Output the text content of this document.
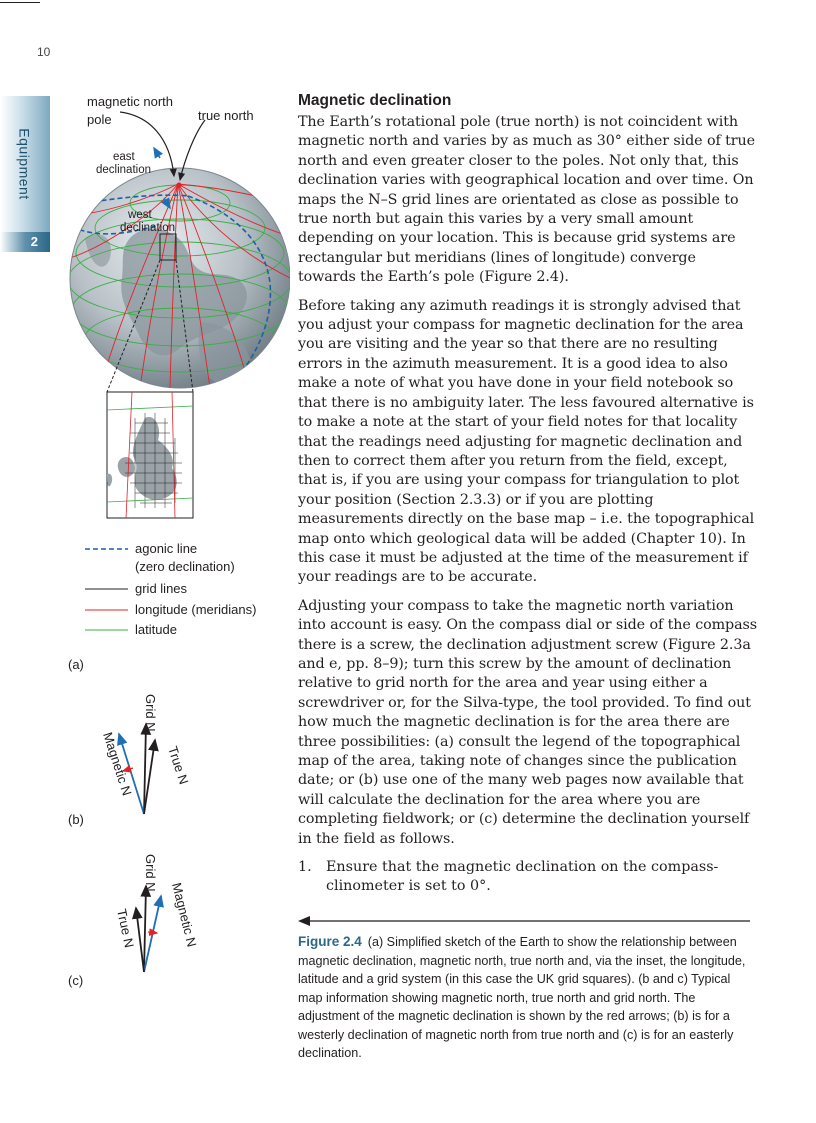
10
Equipment
2
magnetic north
pole	true north
east
declination
west
declination
agonic line
(zero declination)
grid lines
longitude (meridians)
latitude
(a)
Grid N
Magnetic N True N
(b)
Grid N
Magnetic N
True N
(c)
Magnetic declination

The Earth’s rotational pole (true north) is not coincident with magnetic north and varies by as much as 30° either side of true north and even greater closer to the poles. Not only that, this declination varies with geographical location and over time. On maps the N–S grid lines are orientated as close as possible to true north but again this varies by a very small amount depending on your location. This is because grid systems are rectangular but meridians (lines of longitude) converge towards the Earth’s pole (Figure 2.4).

Before taking any azimuth readings it is strongly advised that you adjust your compass for magnetic declination for the area you are visiting and the year so that there are no resulting errors in the azimuth measurement. It is a good idea to also make a note of what you have done in your field notebook so that there is no ambiguity later. The less favoured alternative is to make a note at the start of your field notes for that locality that the readings need adjusting for magnetic declination and then to correct them after you return from the field, except, that is, if you are using your compass for triangulation to plot your position (Section 2.3.3) or if you are plotting measurements directly on the base map – i.e. the topographical map onto which geological data will be added (Chapter 10). In this case it must be adjusted at the time of the measurement if your readings are to be accurate.

Adjusting your compass to take the magnetic north variation into account is easy. On the compass dial or side of the compass there is a screw, the declination adjustment screw (Figure 2.3a and e, pp. 8–9); turn this screw by the amount of declination relative to grid north for the area and year using either a screwdriver or, for the Silva-type, the tool provided. To find out how much the magnetic declination is for the area there are three possibilities: (a) consult the legend of the topographical map of the area, taking note of changes since the publication date; or (b) use one of the many web pages now available that will calculate the declination for the area where you are completing fieldwork; or (c) determine the declination yourself in the field as follows.

1.	Ensure that the magnetic declination on the compass-clinometer is set to 0°.
Figure 2.4 (a) Simplified sketch of the Earth to show the relationship between magnetic declination, magnetic north, true north and, via the inset, the longitude, latitude and a grid system (in this case the UK grid squares). (b and c) Typical map information showing magnetic north, true north and grid north. The adjustment of the magnetic declination is shown by the red arrows; (b) is for a westerly declination of magnetic north from true north and (c) is for an easterly declination.
